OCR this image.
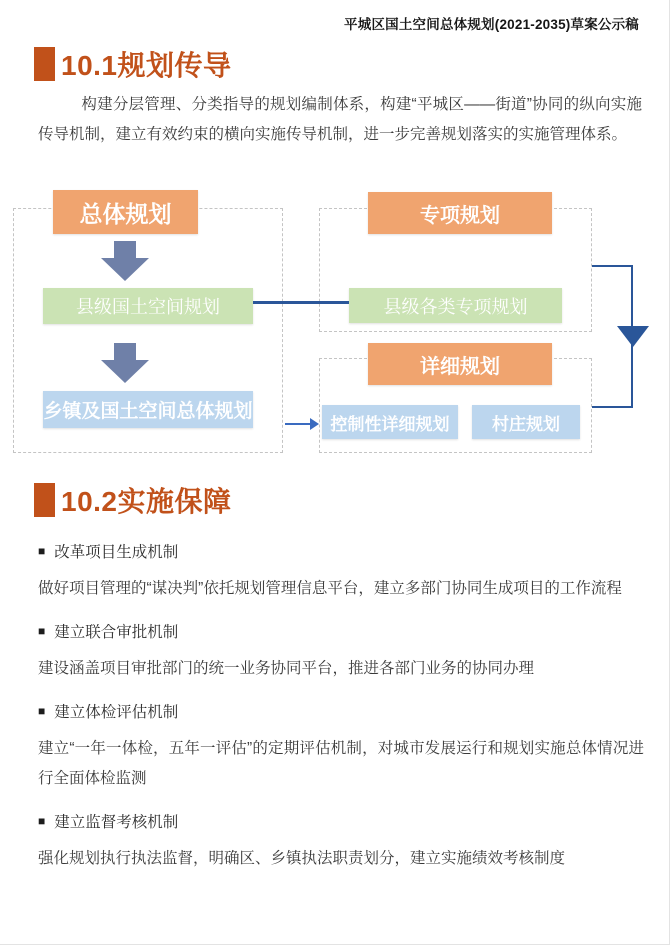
平城区国土空间总体规划(2021-2035)草案公示稿
10.1规划传导
构建分层管理、分类指导的规划编制体系，构建“平城区——街道”协同的纵向实施传导机制，建立有效约束的横向实施传导机制，进一步完善规划落实的实施管理体系。
总体规划
县级国土空间规划
乡镇及国土空间总体规划
专项规划
县级各类专项规划
详细规划
控制性详细规划	村庄规划
10.2实施保障
■ 改革项目生成机制
做好项目管理的“谋决判”依托规划管理信息平台，建立多部门协同生成项目的工作流程
■ 建立联合审批机制
建设涵盖项目审批部门的统一业务协同平台，推进各部门业务的协同办理
■ 建立体检评估机制
建立“一年一体检，五年一评估”的定期评估机制，对城市发展运行和规划实施总体情况进行全面体检监测
■ 建立监督考核机制
强化规划执行执法监督，明确区、乡镇执法职责划分，建立实施绩效考核制度
